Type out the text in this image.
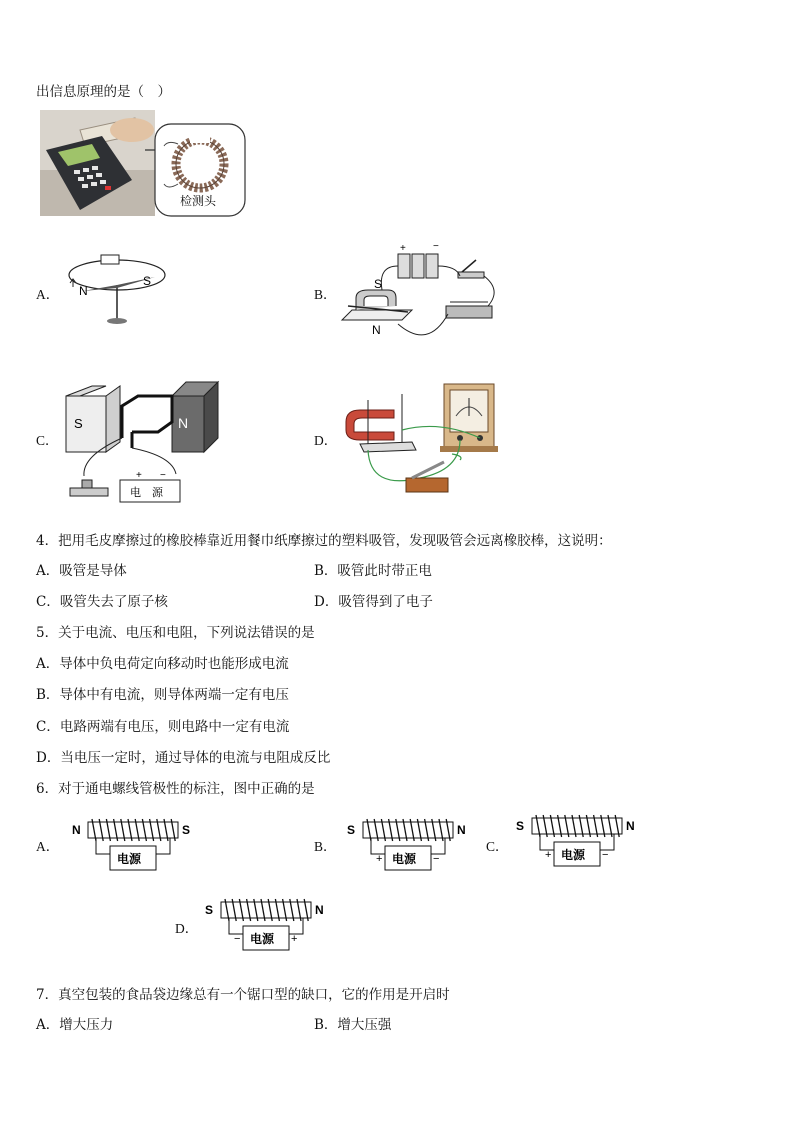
出信息原理的是（　）
检测头
A． N
S
B．
+	−
S
N
C．
S	N
电　源
+ −
D．
4．把用毛皮摩擦过的橡胶棒靠近用餐巾纸摩擦过的塑料吸管，发现吸管会远离橡胶棒，这说明：
A．吸管是导体	B．吸管此时带正电
C．吸管失去了原子核	D．吸管得到了电子
5．关于电流、电压和电阻，下列说法错误的是
A．导体中负电荷定向移动时也能形成电流
B．导体中有电流，则导体两端一定有电压
C．电路两端有电压，则电路中一定有电流
D．当电压一定时，通过导体的电流与电阻成反比
6．对于通电螺线管极性的标注，图中正确的是
A．	B．	C．
D．
N	S
电源
S	N
电源
+	−
S	N
电源
+	−
S	N
电源
−	+
7．真空包装的食品袋边缘总有一个锯口型的缺口，它的作用是开启时
A．增大压力	B．增大压强
